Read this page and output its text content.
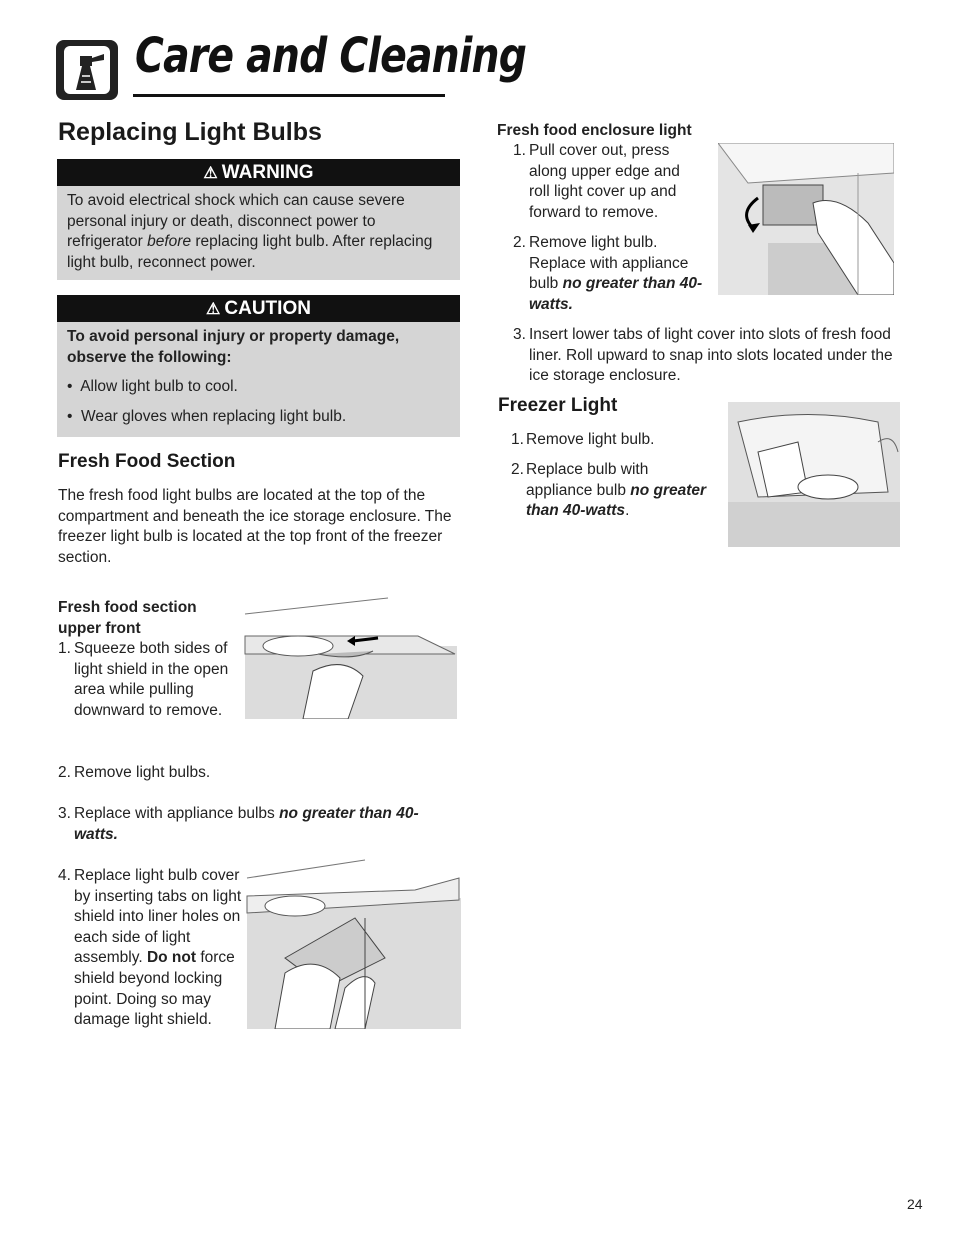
Care and Cleaning
Replacing Light Bulbs
⚠ WARNING
To avoid electrical shock which can cause severe personal injury or death, disconnect power to refrigerator before replacing light bulb. After replacing light bulb, reconnect power.
⚠ CAUTION
To avoid personal injury or property damage, observe the following:
•  Allow light bulb to cool.
•  Wear gloves when replacing light bulb.
Fresh Food Section
The fresh food light bulbs are located at the top of the compartment and beneath the ice storage enclosure. The freezer light bulb is located at the top front of the freezer section.
Fresh food section upper front
1. Squeeze both sides of light shield in the open area while pulling downward to remove.
2. Remove light bulbs.
3. Replace with appliance bulbs no greater than 40-watts.
4. Replace light bulb cover by inserting tabs on light shield into liner holes on each side of light assembly. Do not force shield beyond locking point. Doing so may damage light shield.
Fresh food enclosure light
1. Pull cover out, press along upper edge and roll light cover up and forward to remove.
2. Remove light bulb. Replace with appliance bulb no greater than 40-watts.
3. Insert lower tabs of light cover into slots of fresh food liner. Roll upward to snap into slots located under the ice storage enclosure.
Freezer Light
1. Remove light bulb.
2. Replace bulb with appliance bulb no greater than 40-watts.
24
